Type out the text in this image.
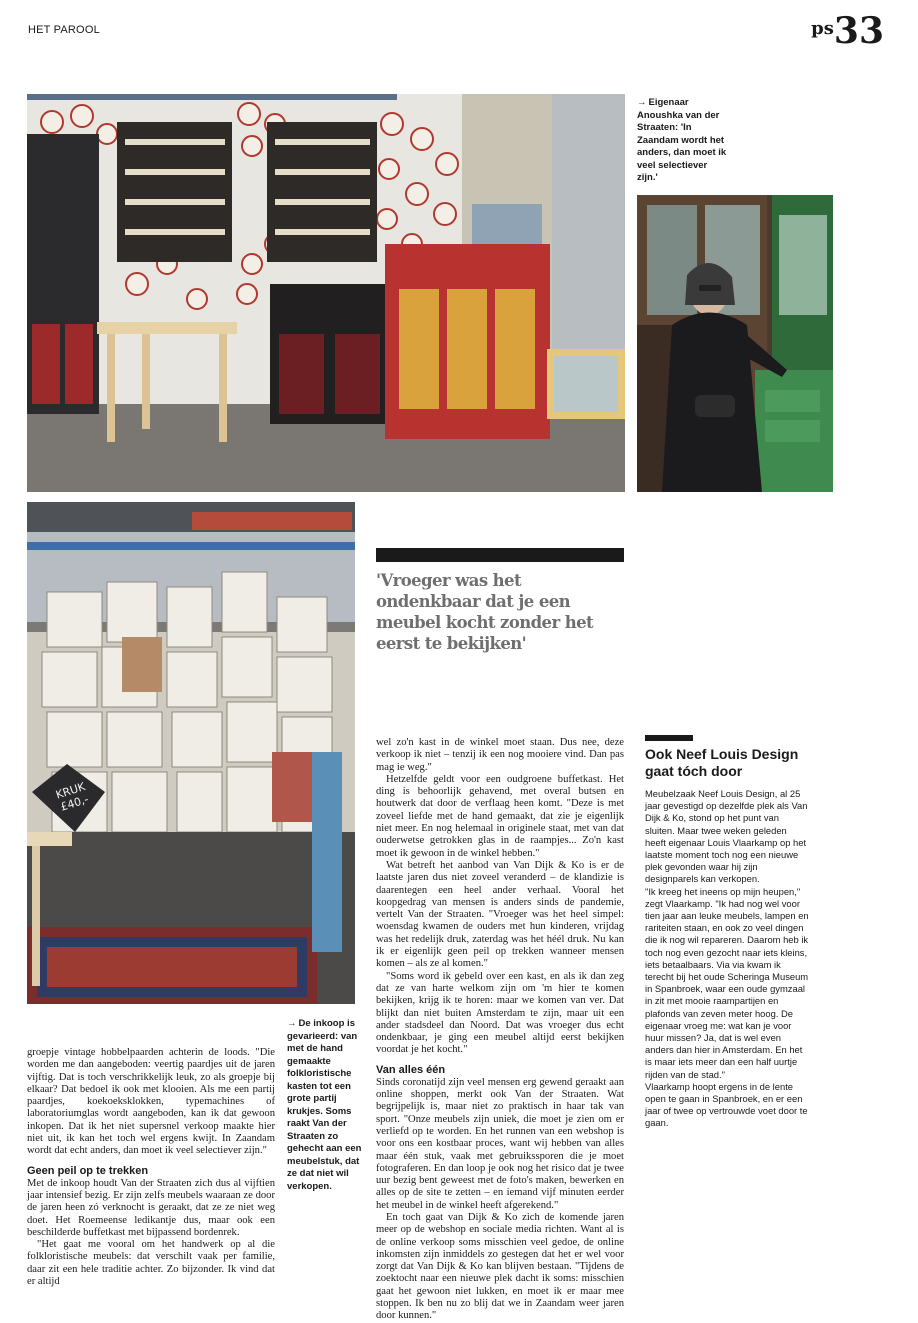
HET PAROOL	ps33
→ Eigenaar Anoushka van der Straaten: 'In Zaandam wordt het anders, dan moet ik veel selectiever zijn.'
KRUK £40,-
→ De inkoop is gevarieerd: van met de hand gemaakte folkloristische kasten tot een grote partij krukjes. Soms raakt Van der Straaten zo gehecht aan een meubelstuk, dat ze dat niet wil verkopen.
'Vroeger was het ondenkbaar dat je een meubel kocht zonder het eerst te bekijken'

groepje vintage hobbelpaarden achterin de loods. "Die worden me dan aangeboden: veertig paardjes uit de jaren vijftig. Dat is toch verschrikkelijk leuk, zo als groepje bij elkaar? Dat bedoel ik ook met klooien. Als me een partij paardjes, koekoeksklokken, typemachines of laboratoriumglas wordt aangeboden, kan ik dat gewoon inkopen. Dat ik het niet supersnel verkoop maakte hier niet uit, ik kan het toch wel ergens kwijt. In Zaandam wordt dat echt anders, dan moet ik veel selectiever zijn."

Geen peil op te trekken

Met de inkoop houdt Van der Straaten zich dus al vijftien jaar intensief bezig. Er zijn zelfs meubels waaraan ze door de jaren heen zó verknocht is geraakt, dat ze ze niet weg doet. Het Roemeense ledikantje dus, maar ook een beschilderde buffetkast met bijpassend bordenrek.

"Het gaat me vooral om het handwerk op al die folkloristische meubels: dat verschilt vaak per familie, daar zit een hele traditie achter. Zo bijzonder. Ik vind dat er altijd

wel zo'n kast in de winkel moet staan. Dus nee, deze verkoop ik niet – tenzij ik een nog mooiere vind. Dan pas mag ie weg."

Hetzelfde geldt voor een oudgroene buffetkast. Het ding is behoorlijk gehavend, met overal butsen en houtwerk dat door de verflaag heen komt. "Deze is met zoveel liefde met de hand gemaakt, dat zie je eigenlijk niet meer. En nog helemaal in originele staat, met van dat ouderwetse getrokken glas in de raampjes... Zo'n kast moet ik gewoon in de winkel hebben."

Wat betreft het aanbod van Van Dijk & Ko is er de laatste jaren dus niet zoveel veranderd – de klandizie is daarentegen een heel ander verhaal. Vooral het koopgedrag van mensen is anders sinds de pandemie, vertelt Van der Straaten. "Vroeger was het heel simpel: woensdag kwamen de ouders met hun kinderen, vrijdag was het redelijk druk, zaterdag was het héél druk. Nu kan ik er eigenlijk geen peil op trekken wanneer mensen komen – als ze al komen."

"Soms word ik gebeld over een kast, en als ik dan zeg dat ze van harte welkom zijn om 'm hier te komen bekijken, krijg ik te horen: maar we komen van ver. Dat blijkt dan niet buiten Amsterdam te zijn, maar uit een ander stadsdeel dan Noord. Dat was vroeger dus echt ondenkbaar, je ging een meubel altijd eerst bekijken voordat je het kocht."

Van alles één

Sinds coronatijd zijn veel mensen erg gewend geraakt aan online shoppen, merkt ook Van der Straaten. Wat begrijpelijk is, maar niet zo praktisch in haar tak van sport. "Onze meubels zijn uniek, die moet je zien om er verliefd op te worden. En het runnen van een webshop is voor ons een kostbaar proces, want wij hebben van alles maar één stuk, vaak met gebruikssporen die je moet fotograferen. En dan loop je ook nog het risico dat je twee uur bezig bent geweest met de foto's maken, bewerken en alles op de site te zetten – en iemand vijf minuten eerder het meubel in de winkel heeft afgerekend."

En toch gaat van Dijk & Ko zich de komende jaren meer op de webshop en sociale media richten. Want al is de online verkoop soms misschien veel gedoe, de online inkomsten zijn inmiddels zo gestegen dat het er wel voor zorgt dat Van Dijk & Ko kan blijven bestaan. "Tijdens de zoektocht naar een nieuwe plek dacht ik soms: misschien gaat het gewoon niet lukken, en moet ik er maar mee stoppen. Ik ben nu zo blij dat we in Zaandam weer jaren door kunnen."

Ook Neef Louis Design gaat tóch door

Meubelzaak Neef Louis Design, al 25 jaar gevestigd op dezelfde plek als Van Dijk & Ko, stond op het punt van sluiten. Maar twee weken geleden heeft eigenaar Louis Vlaarkamp op het laatste moment toch nog een nieuwe plek gevonden waar hij zijn designparels kan verkopen.

"Ik kreeg het ineens op mijn heupen," zegt Vlaarkamp. "Ik had nog wel voor tien jaar aan leuke meubels, lampen en rariteiten staan, en ook zo veel dingen die ik nog wil repareren. Daarom heb ik toch nog even gezocht naar iets kleins, iets betaalbaars. Via via kwam ik terecht bij het oude Scheringa Museum in Spanbroek, waar een oude gymzaal in zit met mooie raampartijen en plafonds van zeven meter hoog. De eigenaar vroeg me: wat kan je voor huur missen? Ja, dat is wel even anders dan hier in Amsterdam. En het is maar iets meer dan een half uurtje rijden van de stad."

Vlaarkamp hoopt ergens in de lente open te gaan in Spanbroek, en er een jaar of twee op vertrouwde voet door te gaan.
